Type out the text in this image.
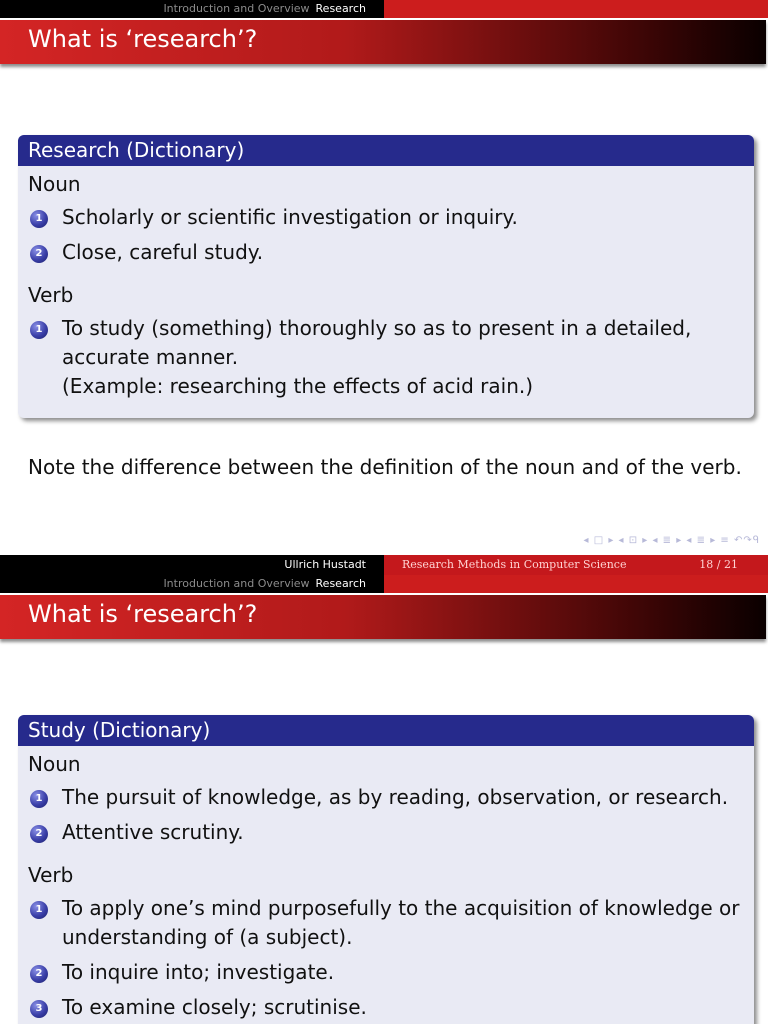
Introduction and Overview Research
What is ‘research’?
Research (Dictionary)
Noun
1 Scholarly or scientific investigation or inquiry.
2 Close, careful study.
Verb
1 To study (something) thoroughly so as to present in a detailed,
accurate manner.
(Example: researching the effects of acid rain.)
Note the difference between the definition of the noun and of the verb.
◂ □ ▸ ◂ ⊡ ▸ ◂ ≣ ▸ ◂ ≣ ▸ ≡ ↶↷ᑫ
Ullrich Hustadt	Research Methods in Computer Science	18 / 21
Introduction and Overview Research
What is ‘research’?
Study (Dictionary)
Noun
1 The pursuit of knowledge, as by reading, observation, or research.
2 Attentive scrutiny.
Verb
1 To apply one’s mind purposefully to the acquisition of knowledge or
understanding of (a subject).
2 To inquire into; investigate.
3 To examine closely; scrutinise.
